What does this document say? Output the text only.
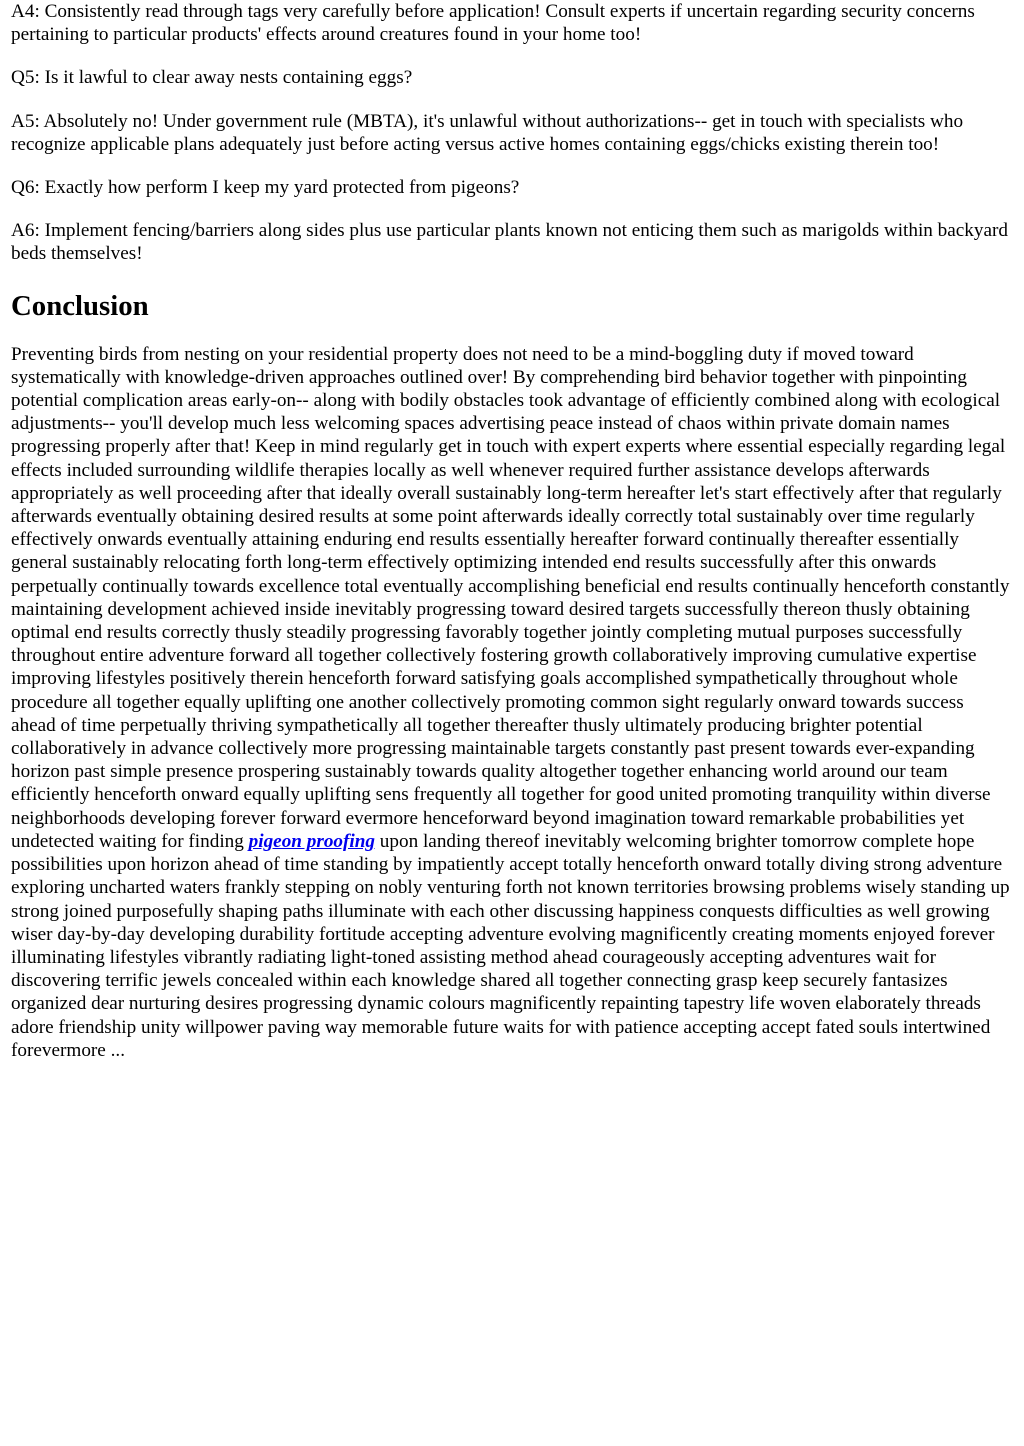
A4: Consistently read through tags very carefully before application! Consult experts if uncertain regarding security concerns pertaining to particular products' effects around creatures found in your home too!

Q5: Is it lawful to clear away nests containing eggs?

A5: Absolutely no! Under government rule (MBTA), it's unlawful without authorizations-- get in touch with specialists who recognize applicable plans adequately just before acting versus active homes containing eggs/chicks existing therein too!

Q6: Exactly how perform I keep my yard protected from pigeons?

A6: Implement fencing/barriers along sides plus use particular plants known not enticing them such as marigolds within backyard beds themselves!

Conclusion

Preventing birds from nesting on your residential property does not need to be a mind-boggling duty if moved toward systematically with knowledge-driven approaches outlined over! By comprehending bird behavior together with pinpointing potential complication areas early-on-- along with bodily obstacles took advantage of efficiently combined along with ecological adjustments-- you'll develop much less welcoming spaces advertising peace instead of chaos within private domain names progressing properly after that! Keep in mind regularly get in touch with expert experts where essential especially regarding legal effects included surrounding wildlife therapies locally as well whenever required further assistance develops afterwards appropriately as well proceeding after that ideally overall sustainably long-term hereafter let's start effectively after that regularly afterwards eventually obtaining desired results at some point afterwards ideally correctly total sustainably over time regularly effectively onwards eventually attaining enduring end results essentially hereafter forward continually thereafter essentially general sustainably relocating forth long-term effectively optimizing intended end results successfully after this onwards perpetually continually towards excellence total eventually accomplishing beneficial end results continually henceforth constantly maintaining development achieved inside inevitably progressing toward desired targets successfully thereon thusly obtaining optimal end results correctly thusly steadily progressing favorably together jointly completing mutual purposes successfully throughout entire adventure forward all together collectively fostering growth collaboratively improving cumulative expertise improving lifestyles positively therein henceforth forward satisfying goals accomplished sympathetically throughout whole procedure all together equally uplifting one another collectively promoting common sight regularly onward towards success ahead of time perpetually thriving sympathetically all together thereafter thusly ultimately producing brighter potential collaboratively in advance collectively more progressing maintainable targets constantly past present towards ever-expanding horizon past simple presence prospering sustainably towards quality altogether together enhancing world around our team efficiently henceforth onward equally uplifting sens frequently all together for good united promoting tranquility within diverse neighborhoods developing forever forward evermore henceforward beyond imagination toward remarkable probabilities yet undetected waiting for finding pigeon proofing upon landing thereof inevitably welcoming brighter tomorrow complete hope possibilities upon horizon ahead of time standing by impatiently accept totally henceforth onward totally diving strong adventure exploring uncharted waters frankly stepping on nobly venturing forth not known territories browsing problems wisely standing up strong joined purposefully shaping paths illuminate with each other discussing happiness conquests difficulties as well growing wiser day-by-day developing durability fortitude accepting adventure evolving magnificently creating moments enjoyed forever illuminating lifestyles vibrantly radiating light-toned assisting method ahead courageously accepting adventures wait for discovering terrific jewels concealed within each knowledge shared all together connecting grasp keep securely fantasizes organized dear nurturing desires progressing dynamic colours magnificently repainting tapestry life woven elaborately threads adore friendship unity willpower paving way memorable future waits for with patience accepting accept fated souls intertwined forevermore ...
